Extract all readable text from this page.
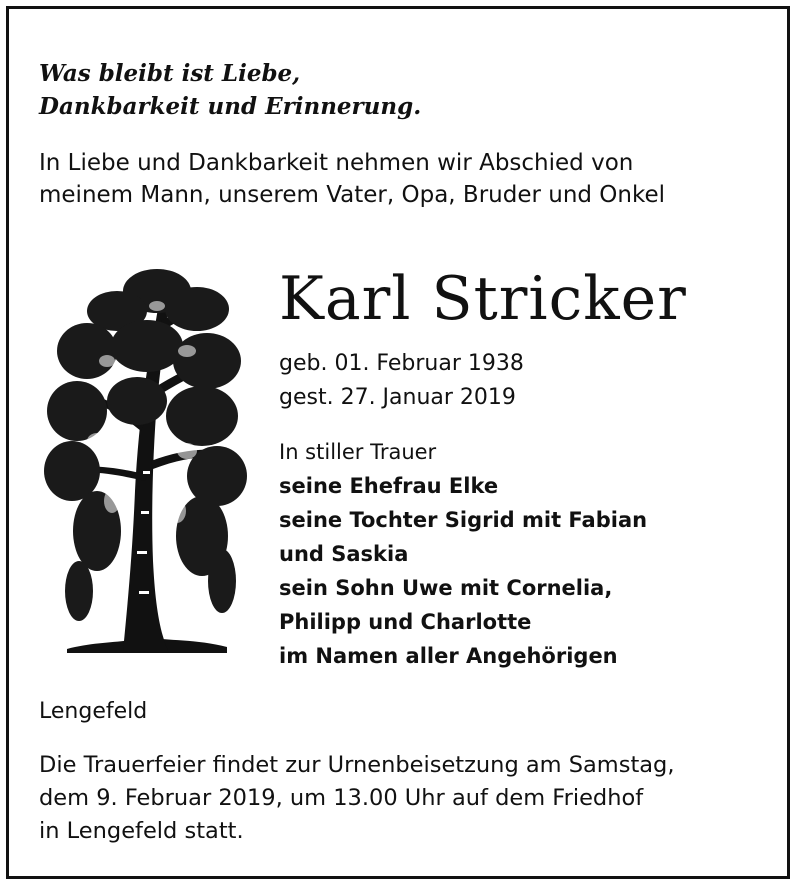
Was bleibt ist Liebe,
Dankbarkeit und Erinnerung.
In Liebe und Dankbarkeit nehmen wir Abschied von
meinem Mann, unserem Vater, Opa, Bruder und Onkel
Karl Stricker
geb. 01. Februar 1938
gest. 27. Januar 2019
In stiller Trauer
seine Ehefrau Elke
seine Tochter Sigrid mit Fabian
und Saskia
sein Sohn Uwe mit Cornelia,
Philipp und Charlotte
im Namen aller Angehörigen
Lengefeld
Die Trauerfeier findet zur Urnenbeisetzung am Samstag,
dem 9. Februar 2019, um 13.00 Uhr auf dem Friedhof
in Lengefeld statt.
